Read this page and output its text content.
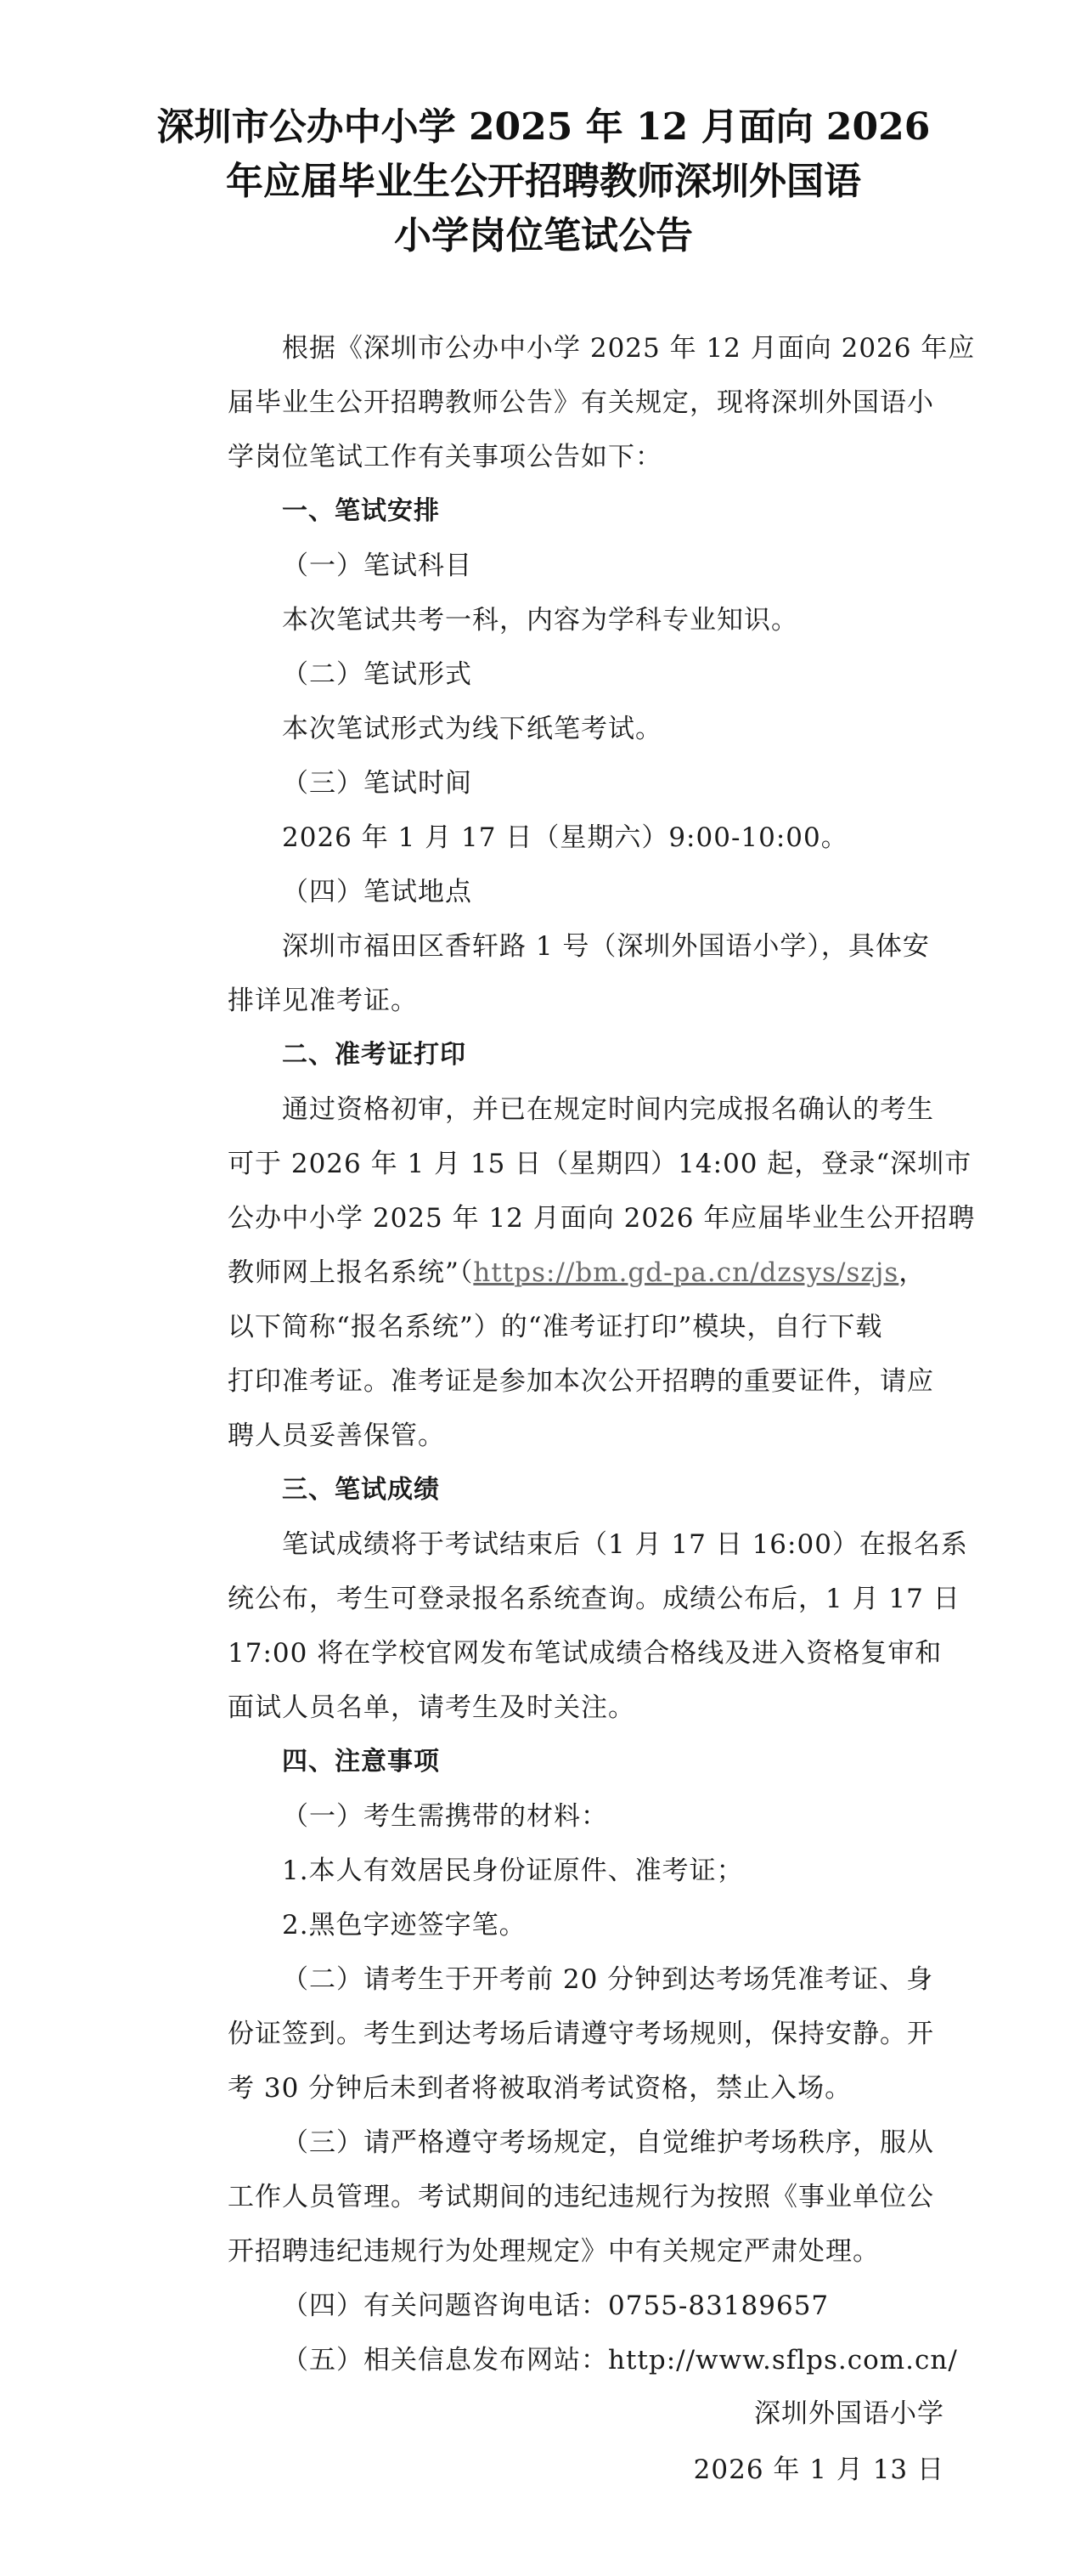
深圳市公办中小学 2025 年 12 月面向 2026
年应届毕业生公开招聘教师深圳外国语
小学岗位笔试公告

根据《深圳市公办中小学 2025 年 12 月面向 2026 年应

届毕业生公开招聘教师公告》有关规定，现将深圳外国语小

学岗位笔试工作有关事项公告如下：

一、笔试安排

（一）笔试科目

本次笔试共考一科，内容为学科专业知识。

（二）笔试形式

本次笔试形式为线下纸笔考试。

（三）笔试时间

2026 年 1 月 17 日（星期六）9:00-10:00。

（四）笔试地点

深圳市福田区香轩路 1 号（深圳外国语小学），具体安

排详见准考证。

二、准考证打印

通过资格初审，并已在规定时间内完成报名确认的考生

可于 2026 年 1 月 15 日（星期四）14:00 起，登录“深圳市

公办中小学 2025 年 12 月面向 2026 年应届毕业生公开招聘

教师网上报名系统”（https://bm.gd-pa.cn/dzsys/szjs，

以下简称“报名系统”）的“准考证打印”模块，自行下载

打印准考证。准考证是参加本次公开招聘的重要证件，请应

聘人员妥善保管。

三、笔试成绩

笔试成绩将于考试结束后（1 月 17 日 16:00）在报名系

统公布，考生可登录报名系统查询。成绩公布后，1 月 17 日

17:00 将在学校官网发布笔试成绩合格线及进入资格复审和

面试人员名单，请考生及时关注。

四、注意事项

（一）考生需携带的材料：

1.本人有效居民身份证原件、准考证；

2.黑色字迹签字笔。

（二）请考生于开考前 20 分钟到达考场凭准考证、身

份证签到。考生到达考场后请遵守考场规则，保持安静。开

考 30 分钟后未到者将被取消考试资格，禁止入场。

（三）请严格遵守考场规定，自觉维护考场秩序，服从

工作人员管理。考试期间的违纪违规行为按照《事业单位公

开招聘违纪违规行为处理规定》中有关规定严肃处理。

（四）有关问题咨询电话：0755-83189657

（五）相关信息发布网站：http://www.sflps.com.cn/

深圳外国语小学
2026 年 1 月 13 日
